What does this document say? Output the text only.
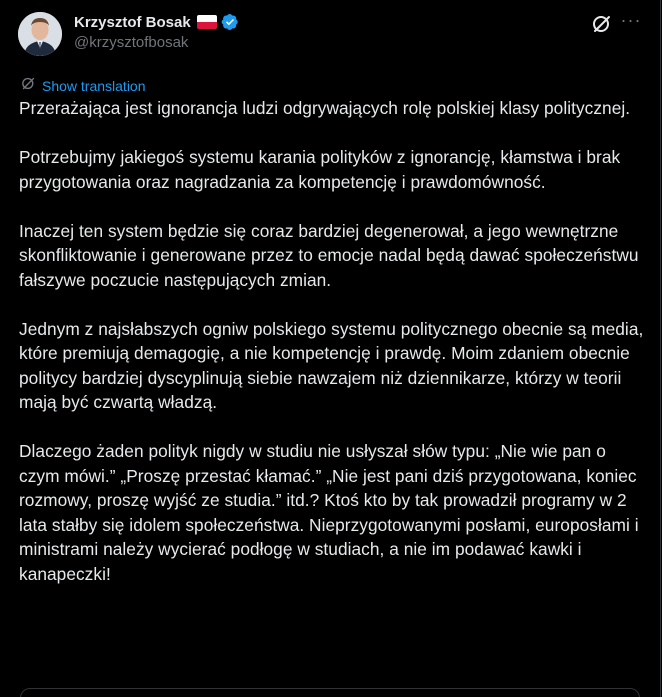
Krzysztof Bosak
@krzysztofbosak
···
Show translation

Przerażająca jest ignorancja ludzi odgrywających rolę polskiej klasy politycznej.

Potrzebujmy jakiegoś systemu karania polityków z ignorancję, kłamstwa i brak przygotowania oraz nagradzania za kompetencję i prawdomówność.

Inaczej ten system będzie się coraz bardziej degenerował, a jego wewnętrzne skonfliktowanie i generowane przez to emocje nadal będą dawać społeczeństwu fałszywe poczucie następujących zmian.

Jednym z najsłabszych ogniw polskiego systemu politycznego obecnie są media, które premiują demagogię, a nie kompetencję i prawdę. Moim zdaniem obecnie politycy bardziej dyscyplinują siebie nawzajem niż dziennikarze, którzy w teorii mają być czwartą władzą.

Dlaczego żaden polityk nigdy w studiu nie usłyszał słów typu: „Nie wie pan o czym mówi.” „Proszę przestać kłamać.” „Nie jest pani dziś przygotowana, koniec rozmowy, proszę wyjść ze studia.” itd.? Ktoś kto by tak prowadził programy w 2 lata stałby się idolem społeczeństwa. Nieprzygotowanymi posłami, europosłami i ministrami należy wycierać podłogę w studiach, a nie im podawać kawki i kanapeczki!
